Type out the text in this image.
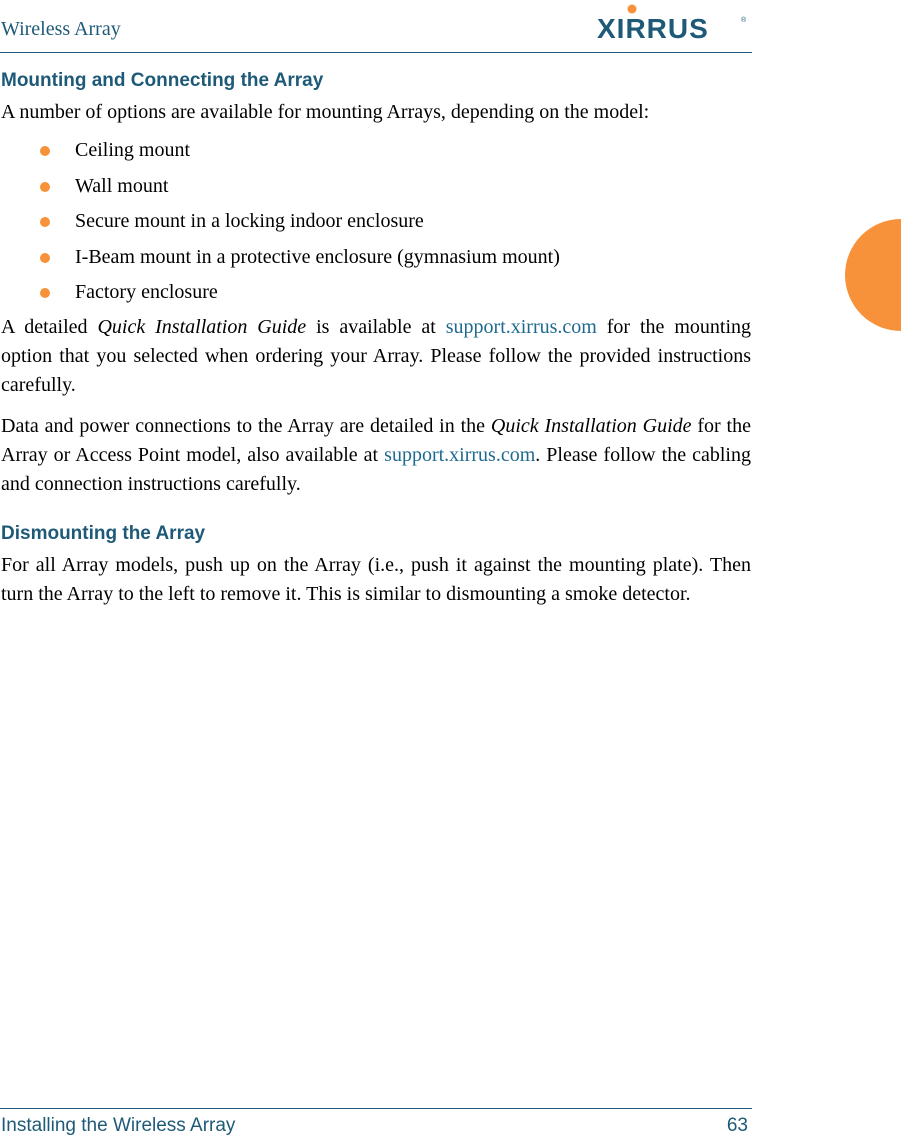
Wireless Array	XIRRUS	®
Mounting and Connecting the Array

A number of options are available for mounting Arrays, depending on the model:

Ceiling mount
Wall mount
Secure mount in a locking indoor enclosure
I-Beam mount in a protective enclosure (gymnasium mount)
Factory enclosure

A detailed Quick Installation Guide is available at support.xirrus.com for the mounting option that you selected when ordering your Array. Please follow the provided instructions carefully.

Data and power connections to the Array are detailed in the Quick Installation Guide for the Array or Access Point model, also available at support.xirrus.com. Please follow the cabling and connection instructions carefully.

Dismounting the Array

For all Array models, push up on the Array (i.e., push it against the mounting plate). Then turn the Array to the left to remove it. This is similar to dismounting a smoke detector.

Installing the Wireless Array	63
